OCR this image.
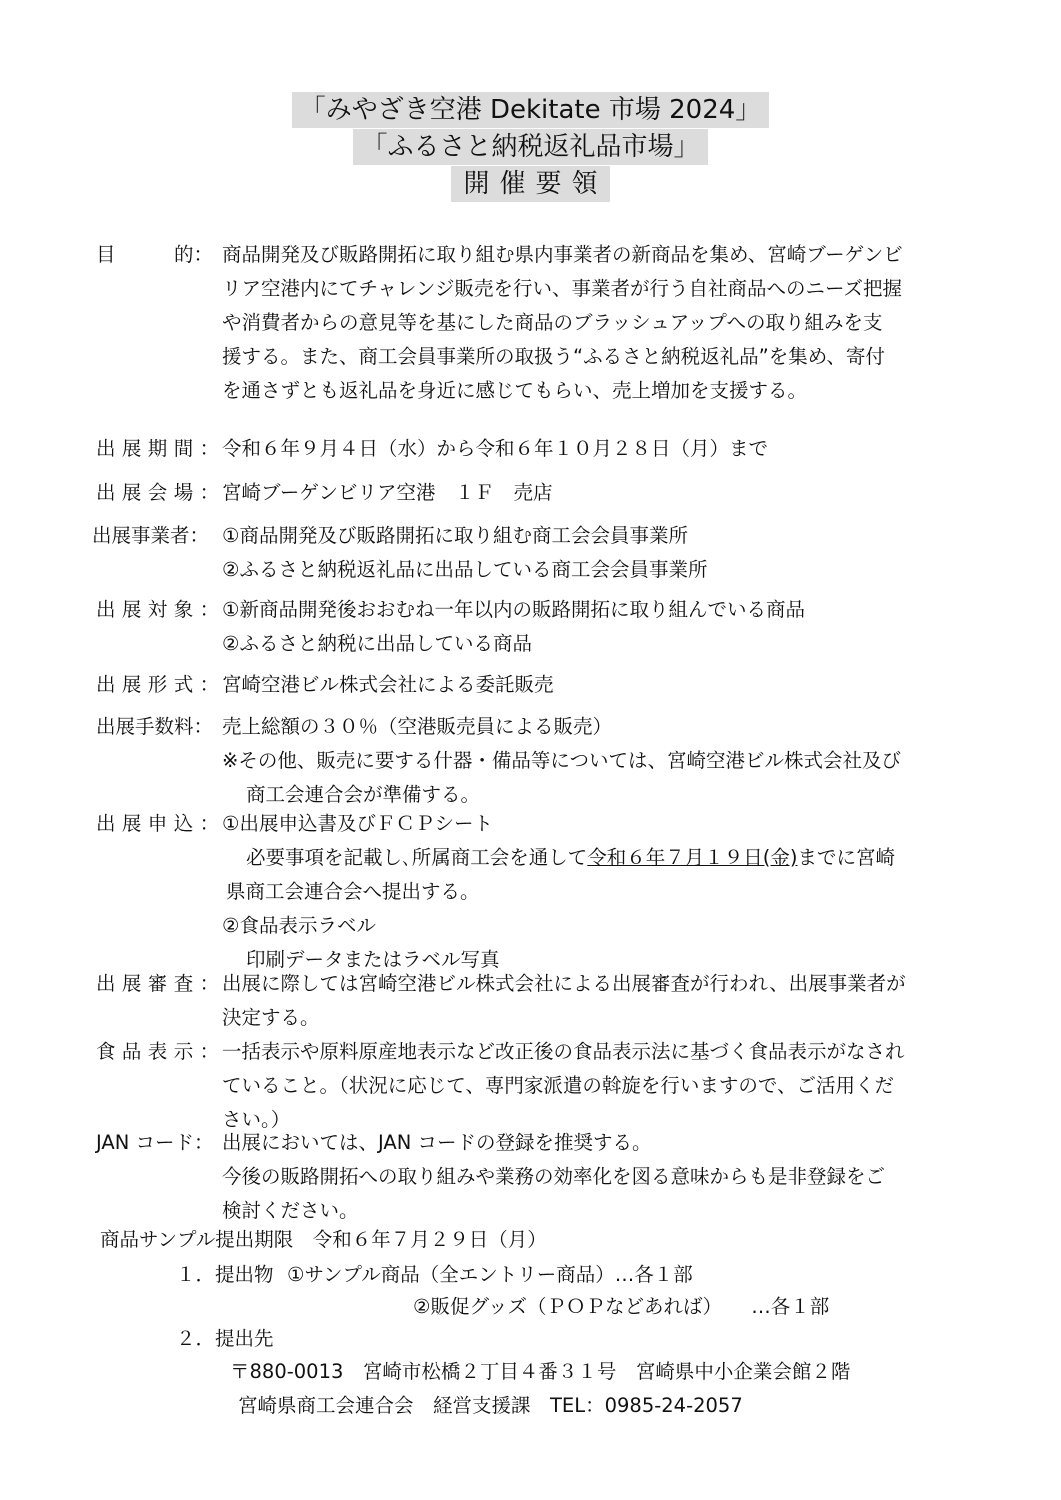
「みやざき空港 Dekitate 市場 2024」
「ふるさと納税返礼品市場」
開催要領
目　　　的： 商品開発及び販路開拓に取り組む県内事業者の新商品を集め、宮崎ブーゲンビ
リア空港内にてチャレンジ販売を行い、事業者が行う自社商品へのニーズ把握
や消費者からの意見等を基にした商品のブラッシュアップへの取り組みを支
援する。また、商工会員事業所の取扱う“ふるさと納税返礼品”を集め、寄付
を通さずとも返礼品を身近に感じてもらい、売上増加を支援する。
出展期間：
令和６年９月４日（水）から令和６年１０月２８日（月）まで
出展会場：
宮崎ブーゲンビリア空港　１Ｆ　売店
出展事業者： ①商品開発及び販路開拓に取り組む商工会会員事業所
②ふるさと納税返礼品に出品している商工会会員事業所
出展対象：
①新商品開発後おおむね一年以内の販路開拓に取り組んでいる商品
②ふるさと納税に出品している商品
出展形式：
宮崎空港ビル株式会社による委託販売
出展手数料： 売上総額の３０％（空港販売員による販売）
※その他、販売に要する什器・備品等については、宮崎空港ビル株式会社及び
商工会連合会が準備する。
出展申込：
①出展申込書及びＦＣＰシート
必要事項を記載し､所属商工会を通して令和６年７月１９日(金)までに宮崎
県商工会連合会へ提出する。
②食品表示ラベル
印刷データまたはラベル写真
出展審査：
出展に際しては宮崎空港ビル株式会社による出展審査が行われ、出展事業者が
決定する。
食品表示：
一括表示や原料原産地表示など改正後の食品表示法に基づく食品表示がなされ
ていること。（状況に応じて、専門家派遣の斡旋を行いますので、ご活用くだ
さい。）
JAN コード： 出展においては、JAN コードの登録を推奨する。
今後の販路開拓への取り組みや業務の効率化を図る意味からも是非登録をご
検討ください。
商品サンプル提出期限　令和６年７月２９日（月）
１．提出物 ①サンプル商品（全エントリー商品）…各１部
②販促グッズ（ＰＯＰなどあれば）　　…各１部
２．提出先
〒880-0013　宮崎市松橋２丁目４番３１号　宮崎県中小企業会館２階
宮崎県商工会連合会　経営支援課　TEL：0985-24-2057
